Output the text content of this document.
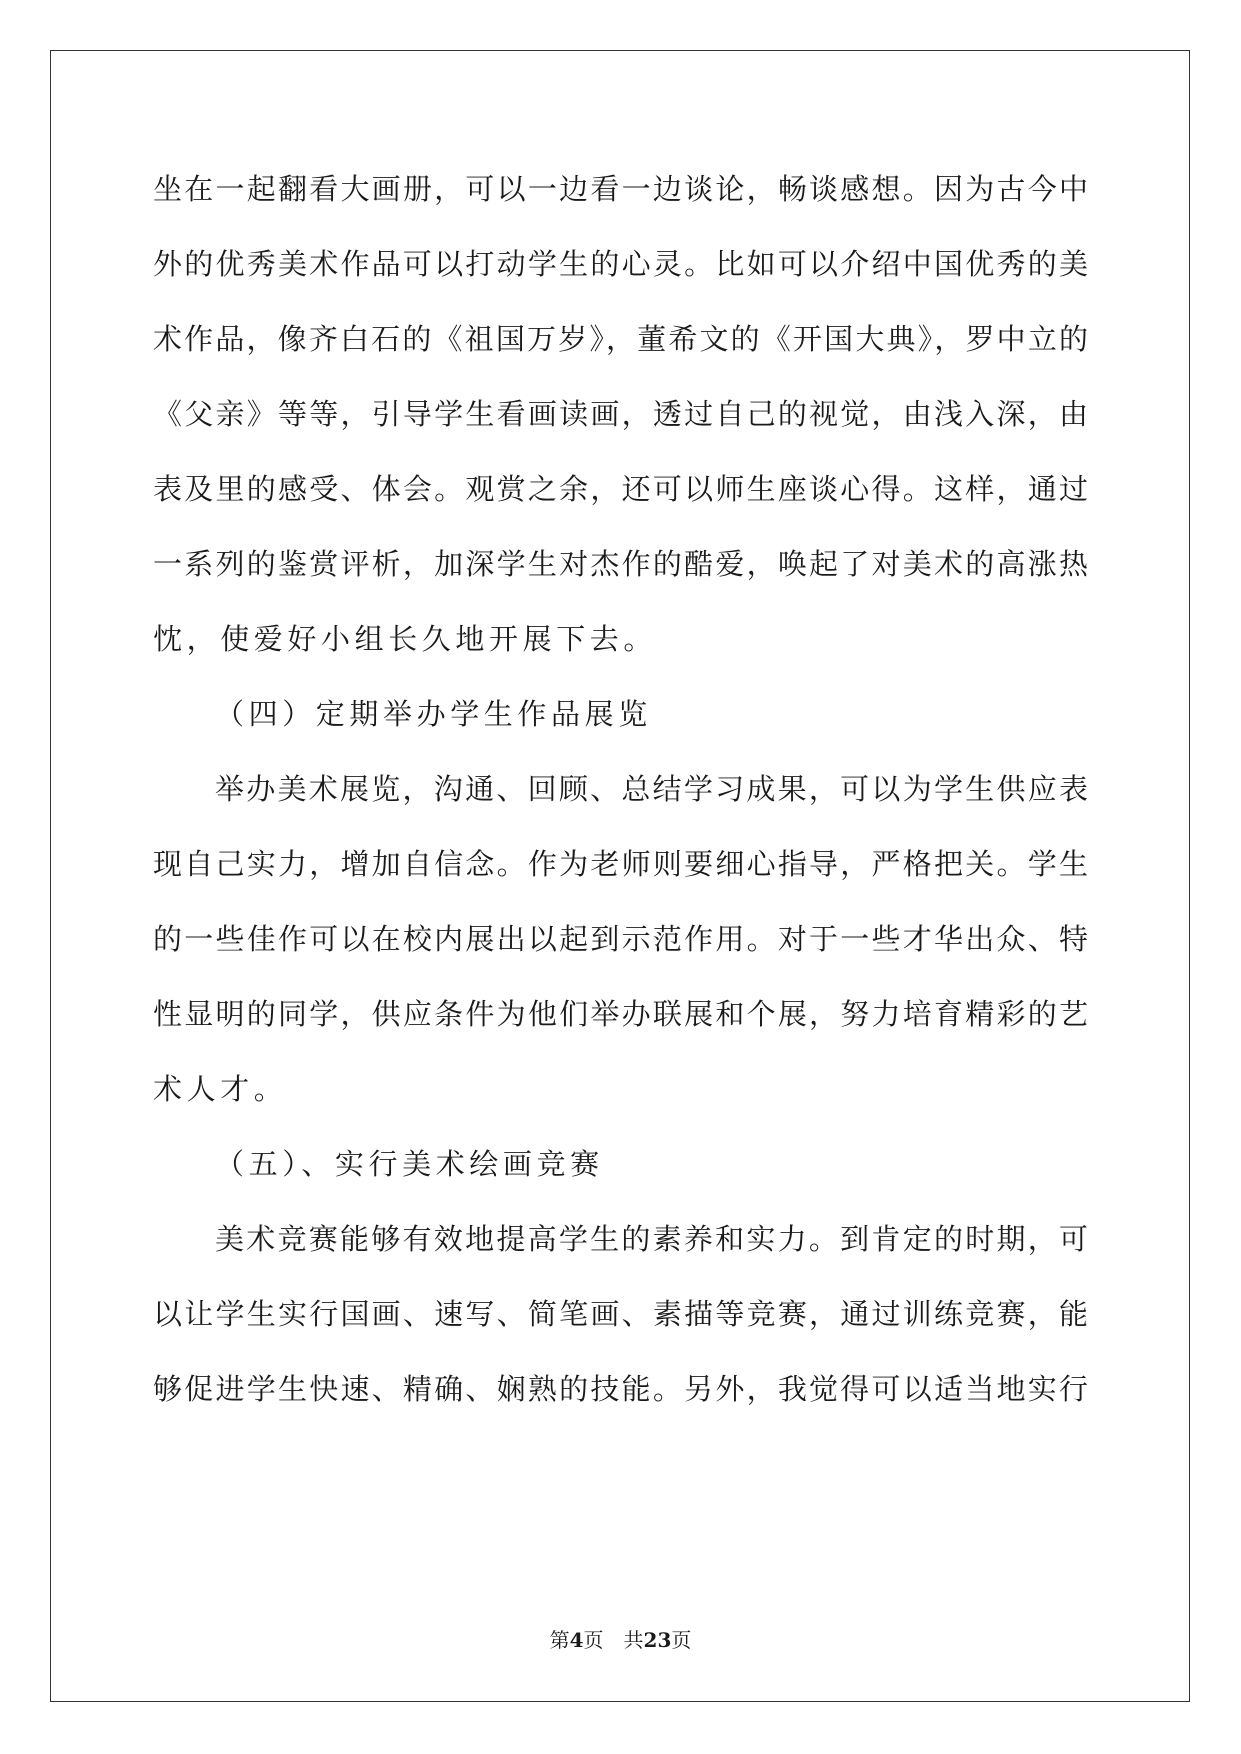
坐在一起翻看大画册，可以一边看一边谈论，畅谈感想。因为古今中
外的优秀美术作品可以打动学生的心灵。比如可以介绍中国优秀的美
术作品，像齐白石的《祖国万岁》，董希文的《开国大典》，罗中立的
《父亲》等等，引导学生看画读画，透过自己的视觉，由浅入深，由
表及里的感受、体会。观赏之余，还可以师生座谈心得。这样，通过
一系列的鉴赏评析，加深学生对杰作的酷爱，唤起了对美术的高涨热
忱，使爱好小组长久地开展下去。
（四）定期举办学生作品展览
举办美术展览，沟通、回顾、总结学习成果，可以为学生供应表
现自己实力，增加自信念。作为老师则要细心指导，严格把关。学生
的一些佳作可以在校内展出以起到示范作用。对于一些才华出众、特
性显明的同学，供应条件为他们举办联展和个展，努力培育精彩的艺
术人才。
（五）、实行美术绘画竞赛
美术竞赛能够有效地提高学生的素养和实力。到肯定的时期，可
以让学生实行国画、速写、简笔画、素描等竞赛，通过训练竞赛，能
够促进学生快速、精确、娴熟的技能。另外，我觉得可以适当地实行
第4页 共23页
